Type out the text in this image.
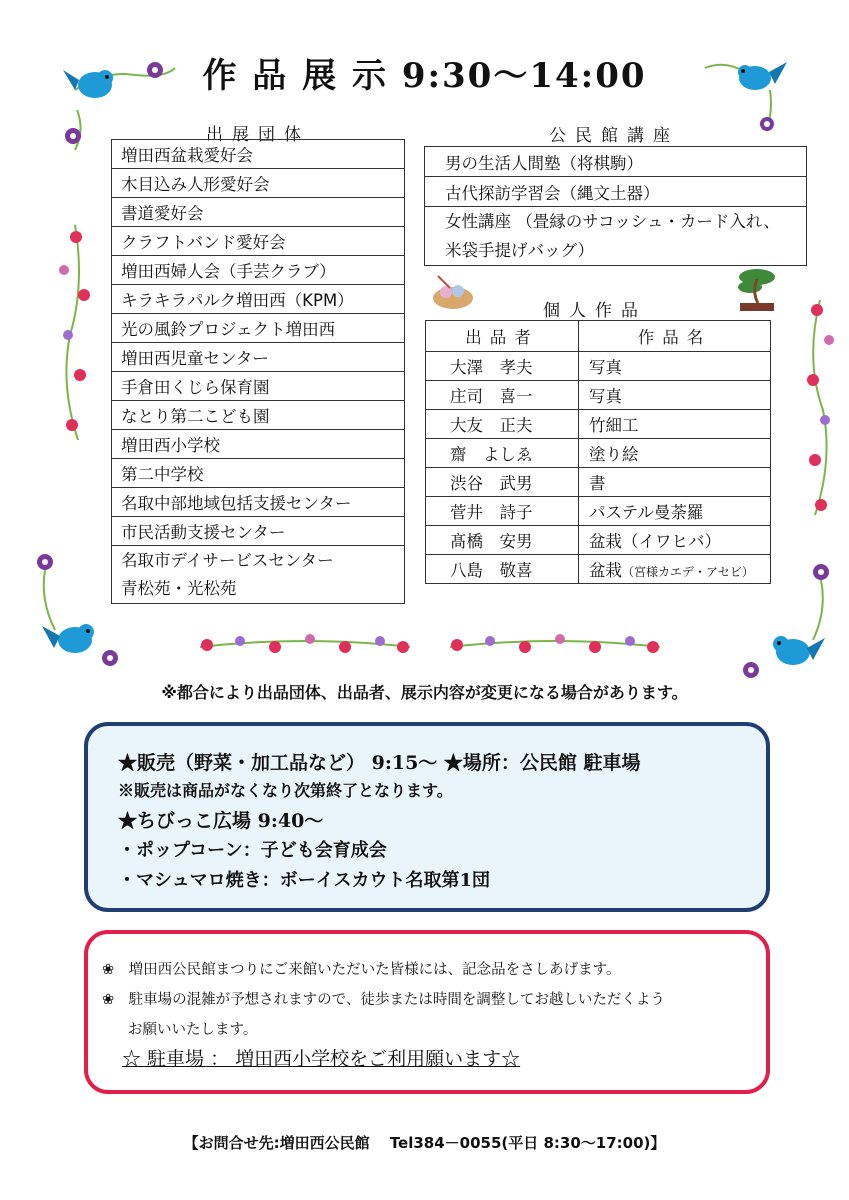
作 品 展 示 9:30～14:00
出展団体
増田西盆栽愛好会
木目込み人形愛好会
書道愛好会
クラフトバンド愛好会
増田西婦人会（手芸クラブ）
キラキラパルク増田西（KPM）
光の風鈴プロジェクト増田西
増田西児童センター
手倉田くじら保育園
なとり第二こども園
増田西小学校
第二中学校
名取中部地域包括支援センター
市民活動支援センター

名取市デイサービスセンター
青松苑・光松苑
公民館講座
男の生活人間塾（将棋駒）
古代探訪学習会（縄文土器）

女性講座 （畳縁のサコッシュ・カード入れ、
米袋手提げバッグ）
個人作品
出品者	作品名
大澤　孝夫	写真
庄司　喜一	写真
大友　正夫	竹細工
齋　よしゑ	塗り絵
渋谷　武男	書
菅井　詩子	パステル曼荼羅
髙橋　安男	盆栽（イワヒバ）
八島　敬喜	盆栽（宮様カエデ・アセビ）
※都合により出品団体、出品者、展示内容が変更になる場合があります。
★販売（野菜・加工品など） 9:15～ ★場所：公民館 駐車場
※販売は商品がなくなり次第終了となります。
★ちびっこ広場 9:40～
・ポップコーン：子ども会育成会
・マシュマロ焼き：ボーイスカウト名取第1団
❀　 増田西公民館まつりにご来館いただいた皆様には、記念品をさしあげます。
❀　 駐車場の混雑が予想されますので、徒歩または時間を調整してお越しいただくよう
お願いいたします。
☆ 駐車場 ： 増田西小学校をご利用願います☆
【お問合せ先:増田西公民館　 Tel384－0055(平日 8:30～17:00)】
